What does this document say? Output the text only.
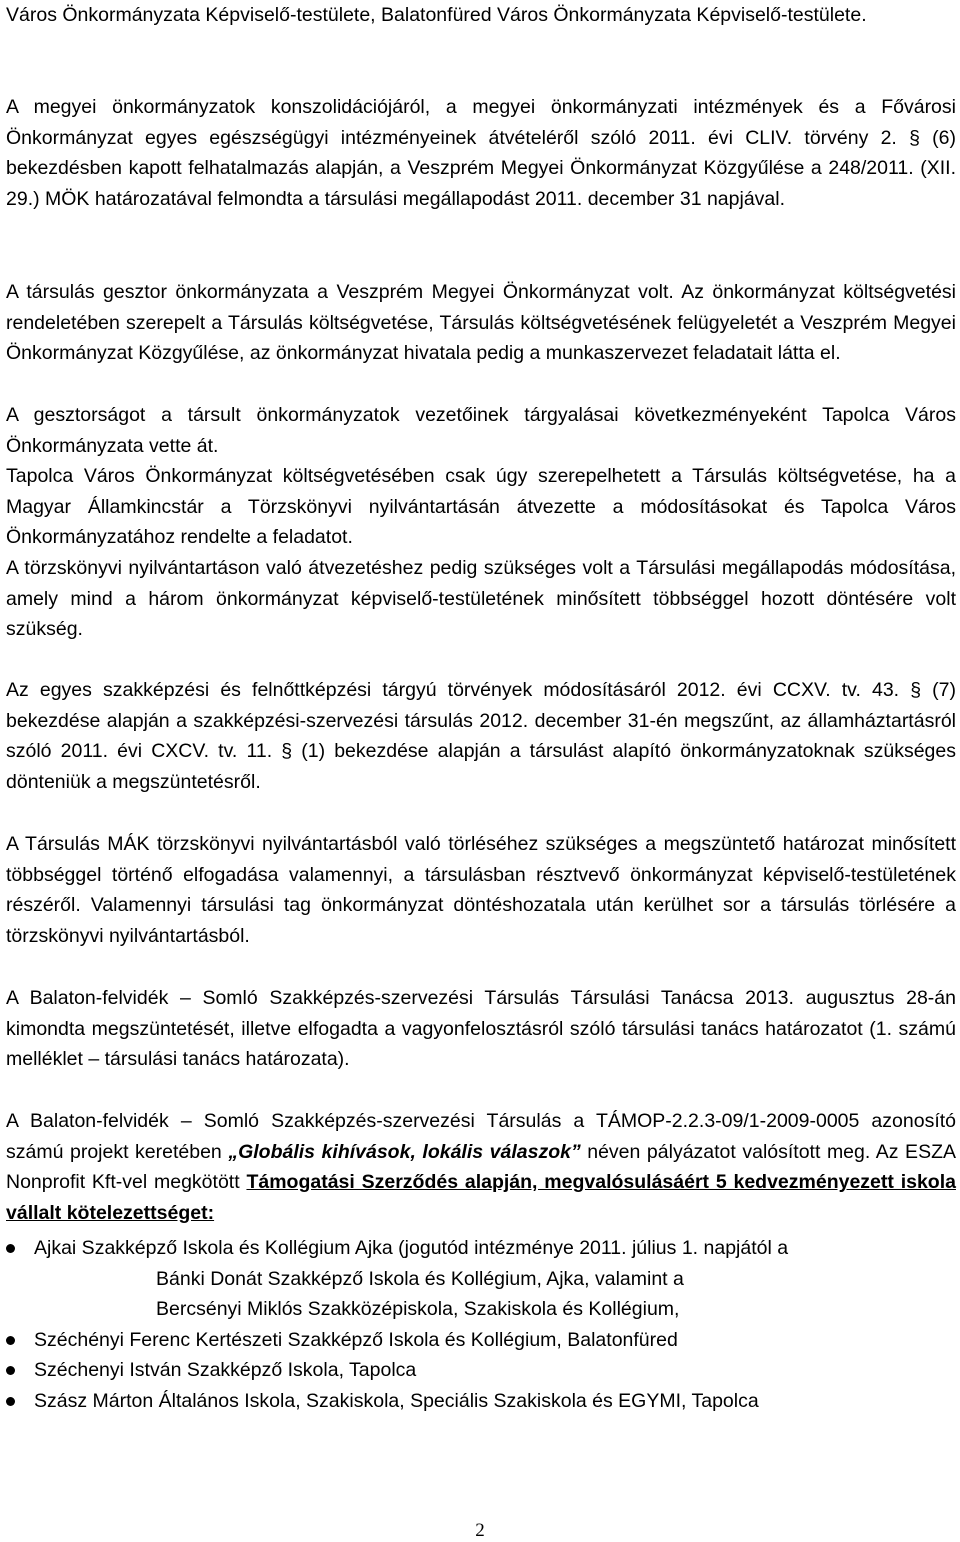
Város Önkormányzata Képviselő-testülete, Balatonfüred Város Önkormányzata Képviselő-testülete.

A megyei önkormányzatok konszolidációjáról, a megyei önkormányzati intézmények és a Fővárosi Önkormányzat egyes egészségügyi intézményeinek átvételéről szóló 2011. évi CLIV. törvény 2. § (6) bekezdésben kapott felhatalmazás alapján, a Veszprém Megyei Önkormányzat Közgyűlése a 248/2011. (XII. 29.) MÖK határozatával felmondta a társulási megállapodást 2011. december 31 napjával.

A társulás gesztor önkormányzata a Veszprém Megyei Önkormányzat volt. Az önkormányzat költségvetési rendeletében szerepelt a Társulás költségvetése, Társulás költségvetésének felügyeletét a Veszprém Megyei Önkormányzat Közgyűlése, az önkormányzat hivatala pedig a munkaszervezet feladatait látta el.

A gesztorságot a társult önkormányzatok vezetőinek tárgyalásai következményeként Tapolca Város Önkormányzata vette át.

Tapolca Város Önkormányzat költségvetésében csak úgy szerepelhetett a Társulás költségvetése, ha a Magyar Államkincstár a Törzskönyvi nyilvántartásán átvezette a módosításokat és Tapolca Város Önkormányzatához rendelte a feladatot.

A törzskönyvi nyilvántartáson való átvezetéshez pedig szükséges volt a Társulási megállapodás módosítása, amely mind a három önkormányzat képviselő-testületének minősített többséggel hozott döntésére volt szükség.

Az egyes szakképzési és felnőttképzési tárgyú törvények módosításáról 2012. évi CCXV. tv. 43. § (7) bekezdése alapján a szakképzési-szervezési társulás 2012. december 31-én megszűnt, az államháztartásról szóló 2011. évi CXCV. tv. 11. § (1) bekezdése alapján a társulást alapító önkormányzatoknak szükséges dönteniük a megszüntetésről.

A Társulás MÁK törzskönyvi nyilvántartásból való törléséhez szükséges a megszüntető határozat minősített többséggel történő elfogadása valamennyi, a társulásban résztvevő önkormányzat képviselő-testületének részéről. Valamennyi társulási tag önkormányzat döntéshozatala után kerülhet sor a társulás törlésére a törzskönyvi nyilvántartásból.

A Balaton-felvidék – Somló Szakképzés-szervezési Társulás Társulási Tanácsa 2013. augusztus 28-án kimondta megszüntetését, illetve elfogadta a vagyonfelosztásról szóló társulási tanács határozatot (1. számú melléklet – társulási tanács határozata).

A Balaton-felvidék – Somló Szakképzés-szervezési Társulás a TÁMOP-2.2.3-09/1-2009-0005 azonosító számú projekt keretében „Globális kihívások, lokális válaszok” néven pályázatot valósított meg. Az ESZA Nonprofit Kft-vel megkötött Támogatási Szerződés alapján, megvalósulásáért 5 kedvezményezett iskola vállalt kötelezettséget:

Ajkai Szakképző Iskola és Kollégium Ajka (jogutód intézménye 2011. július 1. napjától a
Bánki Donát Szakképző Iskola és Kollégium, Ajka, valamint a
Bercsényi Miklós Szakközépiskola, Szakiskola és Kollégium,
Széchényi Ferenc Kertészeti Szakképző Iskola és Kollégium, Balatonfüred
Széchenyi István Szakképző Iskola, Tapolca
Szász Márton Általános Iskola, Szakiskola, Speciális Szakiskola és EGYMI, Tapolca
2
